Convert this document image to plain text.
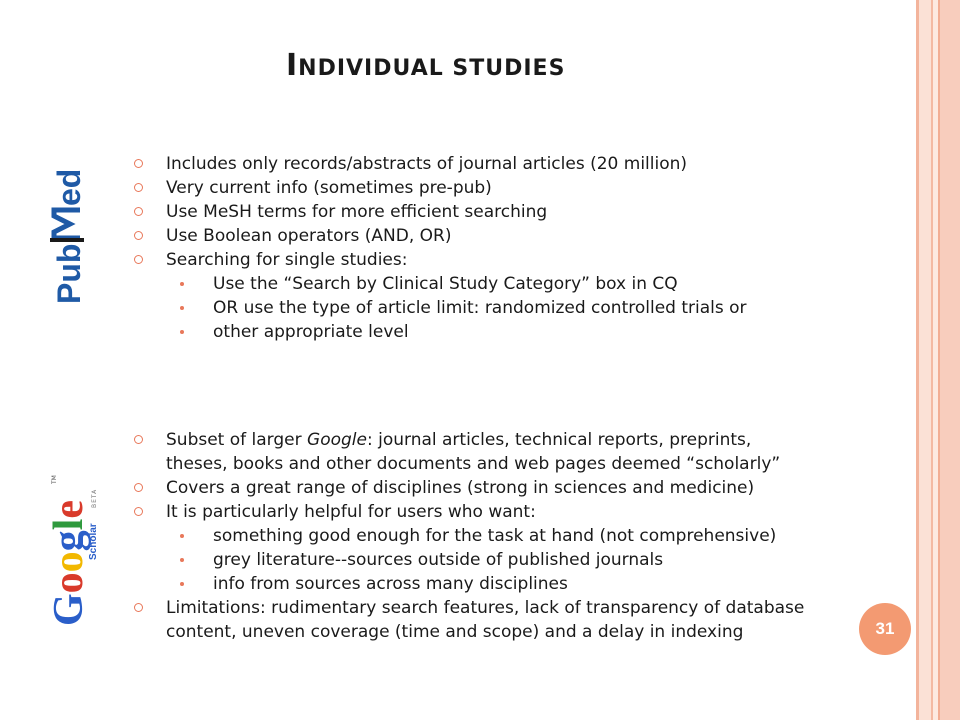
INDIVIDUAL STUDIES
Pub
ed
Includes only records/abstracts of journal articles (20 million)
Very current info (sometimes pre-pub)
Use MeSH terms for more efficient searching
Use Boolean operators (AND, OR)
Searching for single studies:
Use the “Search by Clinical Study Category” box in CQ
OR use the type of article limit: randomized controlled trials or
other appropriate level
Google
TM
Scholar
BETA
Subset of larger Google: journal articles, technical reports, preprints,
theses, books and other documents and web pages deemed “scholarly”
Covers a great range of disciplines (strong in sciences and medicine)
It is particularly helpful for users who want:
something good enough for the task at hand (not comprehensive)
grey literature--sources outside of published journals
info from sources across many disciplines
Limitations: rudimentary search features, lack of transparency of database
content, uneven coverage (time and scope) and a delay in indexing	31
